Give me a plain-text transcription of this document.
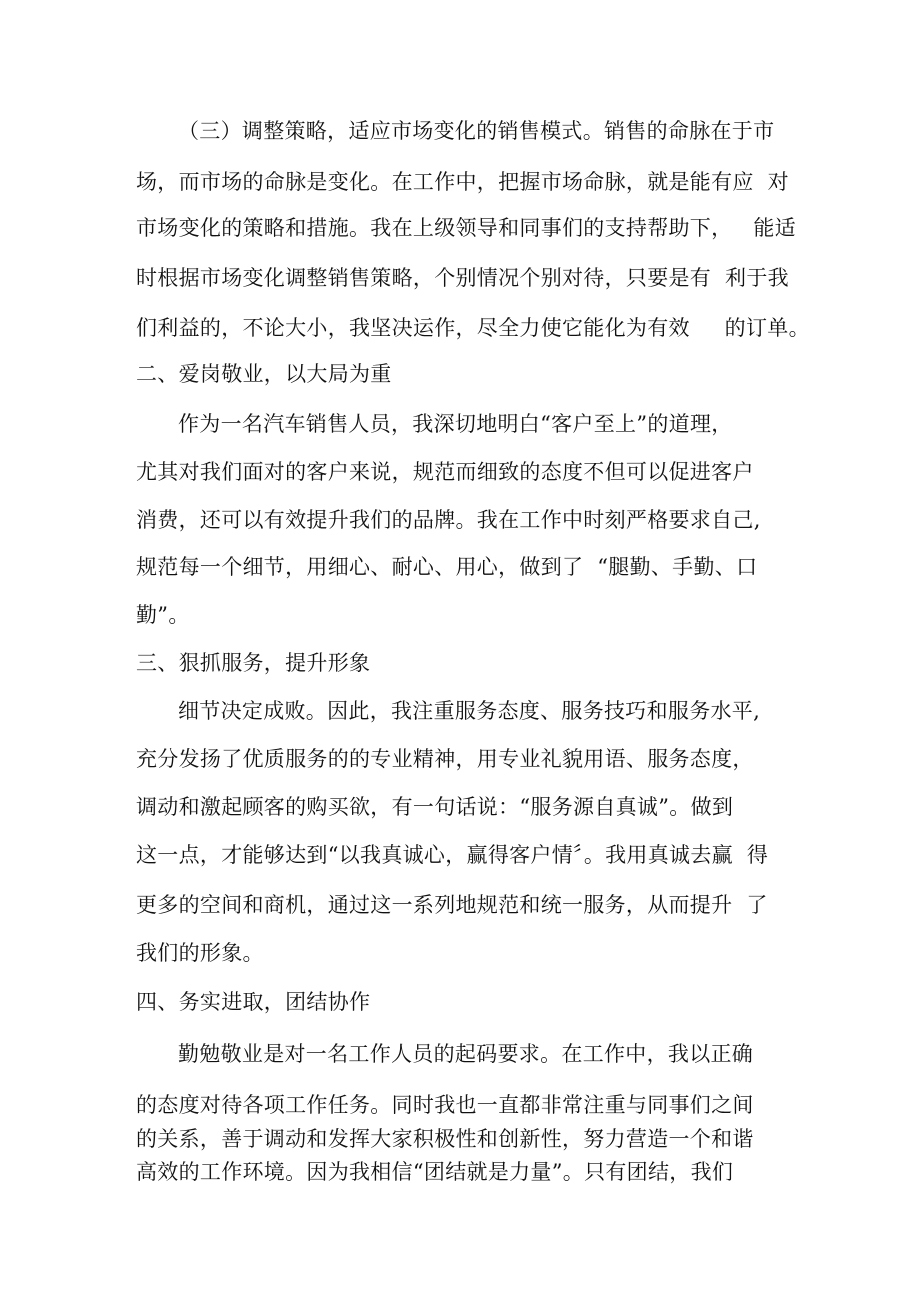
（三）调整策略，适应市场变化的销售模式。销售的命脉在于市
场，而市场的命脉是变化。在工作中，把握市场命脉，就是能有应  对
市场变化的策略和措施。我在上级领导和同事们的支持帮助下，   能适
时根据市场变化调整销售策略，个别情况个别对待，只要是有  利于我
们利益的，不论大小，我坚决运作，尽全力使它能化为有效     的订单。
二、爱岗敬业，以大局为重
作为一名汽车销售人员，我深切地明白“客户至上”的道理，
尤其对我们面对的客户来说，规范而细致的态度不但可以促进客户
消费，还可以有效提升我们的品牌。我在工作中时刻严格要求自己,
规范每一个细节，用细心、耐心、用心，做到了  “腿勤、手勤、口
勤”。
三、狠抓服务，提升形象
细节决定成败。因此，我注重服务态度、服务技巧和服务水平,
充分发扬了优质服务的的专业精神，用专业礼貌用语、服务态度，
调动和激起顾客的购买欲，有一句话说：“服务源自真诚”。做到
这一点，才能够达到“以我真诚心，赢得客户情〞。我用真诚去赢  得
更多的空间和商机，通过这一系列地规范和统一服务，从而提升  了
我们的形象。
四、务实进取，团结协作
勤勉敬业是对一名工作人员的起码要求。在工作中，我以正确
的态度对待各项工作任务。同时我也一直都非常注重与同事们之间
的关系，善于调动和发挥大家积极性和创新性，努力营造一个和谐
高效的工作环境。因为我相信“团结就是力量”。只有团结，我们
